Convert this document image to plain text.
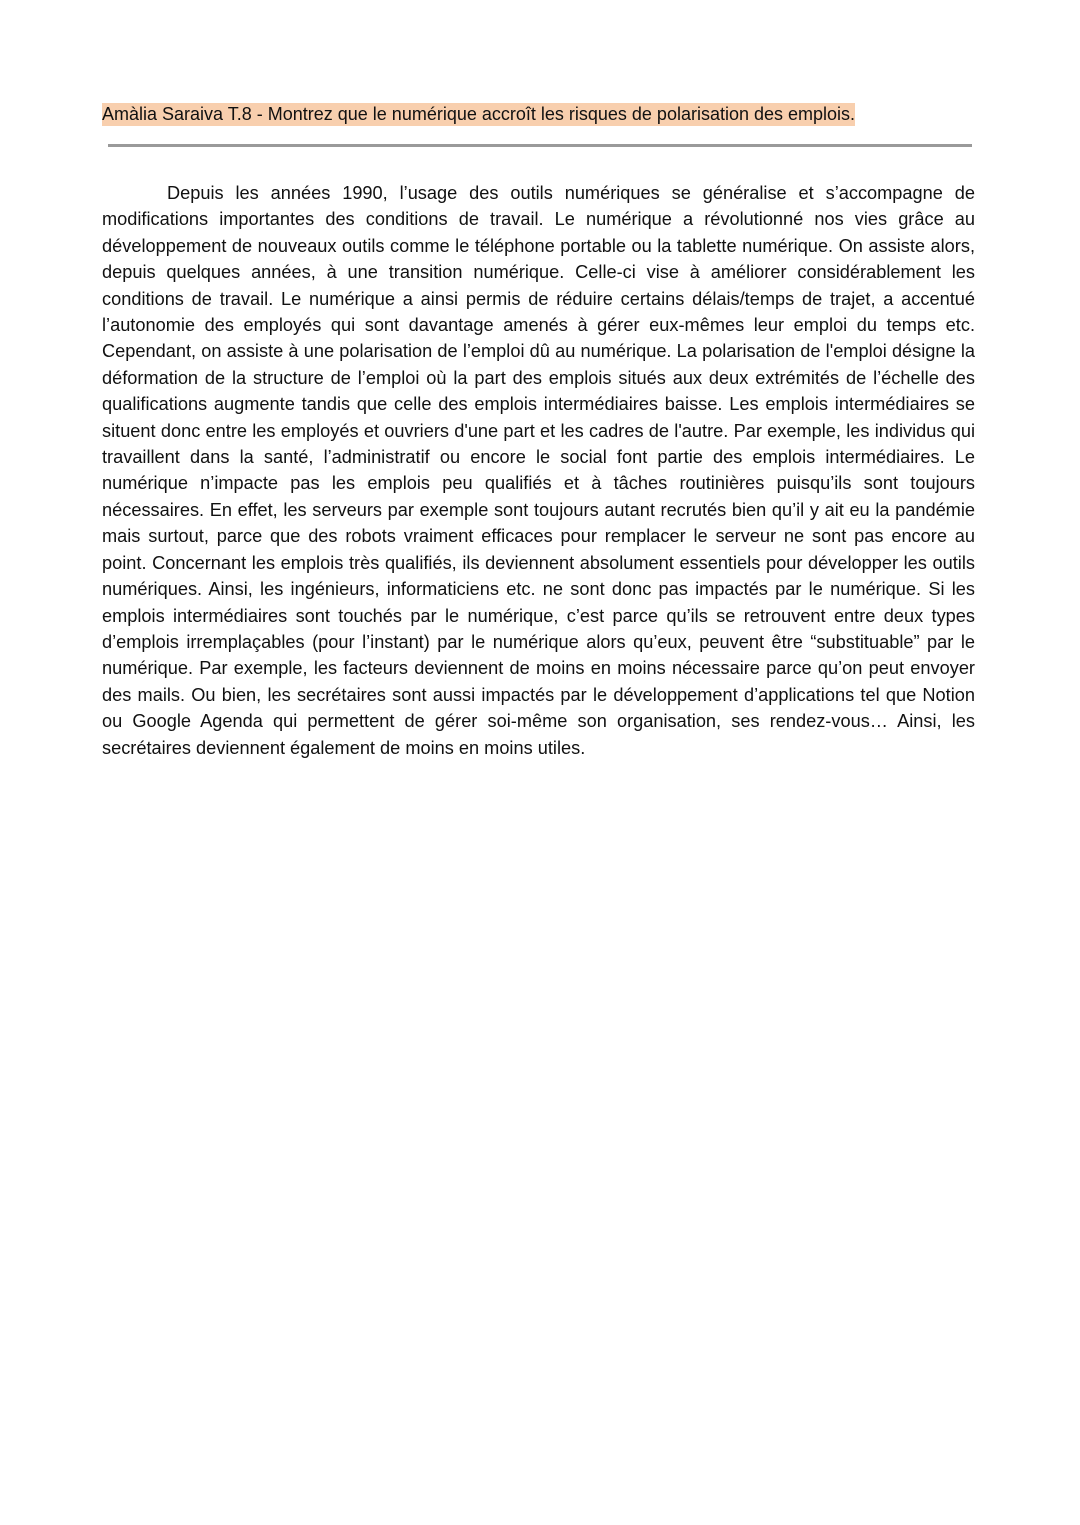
Amàlia Saraiva T.8 - Montrez que le numérique accroît les risques de polarisation des emplois.

Depuis les années 1990, l’usage des outils numériques se généralise et s’accompagne de modifications importantes des conditions de travail. Le numérique a révolutionné nos vies grâce au développement de nouveaux outils comme le téléphone portable ou la tablette numérique. On assiste alors, depuis quelques années, à une transition numérique. Celle-ci vise à améliorer considérablement les conditions de travail. Le numérique a ainsi permis de réduire certains délais/temps de trajet, a accentué l’autonomie des employés qui sont davantage amenés à gérer eux-mêmes leur emploi du temps etc. Cependant, on assiste à une polarisation de l’emploi dû au numérique. La polarisation de l'emploi désigne la déformation de la structure de l’emploi où la part des emplois situés aux deux extrémités de l’échelle des qualifications augmente tandis que celle des emplois intermédiaires baisse. Les emplois intermédiaires se situent donc entre les employés et ouvriers d'une part et les cadres de l'autre. Par exemple, les individus qui travaillent dans la santé, l’administratif ou encore le social font partie des emplois intermédiaires. Le numérique n’impacte pas les emplois peu qualifiés et à tâches routinières puisqu’ils sont toujours nécessaires. En effet, les serveurs par exemple sont toujours autant recrutés bien qu’il y ait eu la pandémie mais surtout, parce que des robots vraiment efficaces pour remplacer le serveur ne sont pas encore au point. Concernant les emplois très qualifiés, ils deviennent absolument essentiels pour développer les outils numériques. Ainsi, les ingénieurs, informaticiens etc. ne sont donc pas impactés par le numérique. Si les emplois intermédiaires sont touchés par le numérique, c’est parce qu’ils se retrouvent entre deux types d’emplois irremplaçables (pour l’instant) par le numérique alors qu’eux, peuvent être “substituable” par le numérique. Par exemple, les facteurs deviennent de moins en moins nécessaire parce qu’on peut envoyer des mails. Ou bien, les secrétaires sont aussi impactés par le développement d’applications tel que Notion ou Google Agenda qui permettent de gérer soi-même son organisation, ses rendez-vous… Ainsi, les secrétaires deviennent également de moins en moins utiles.
